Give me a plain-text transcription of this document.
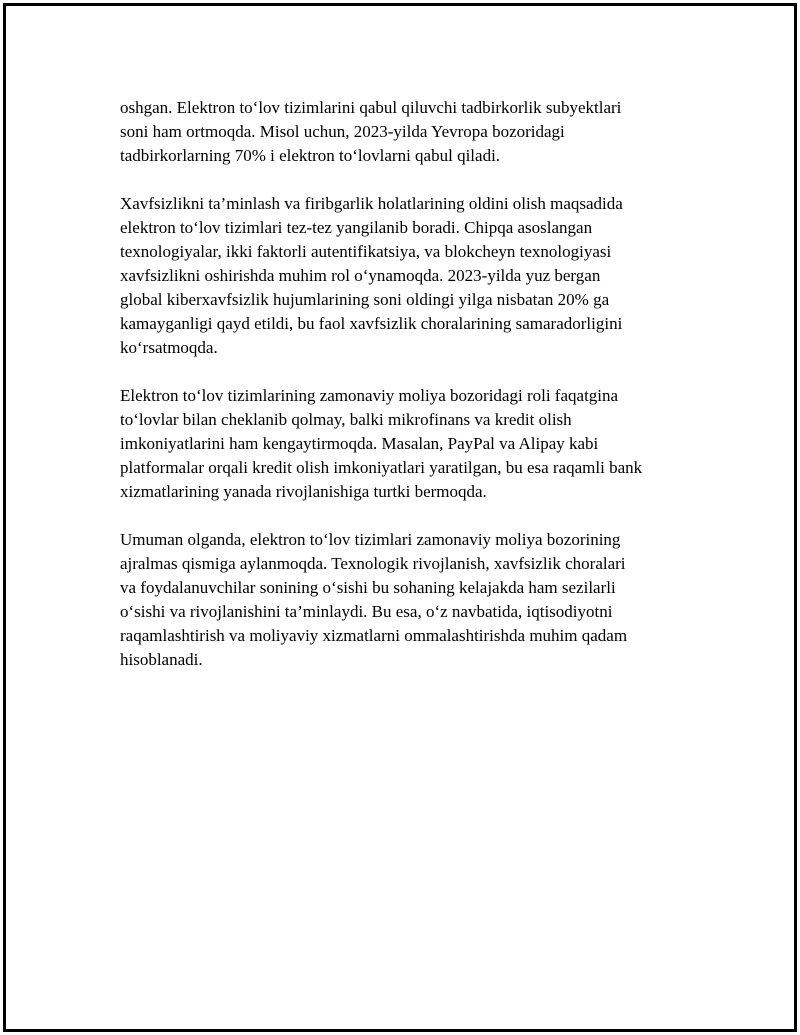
oshgan. Elektron to‘lov tizimlarini qabul qiluvchi tadbirkorlik subyektlari
soni ham ortmoqda. Misol uchun, 2023-yilda Yevropa bozoridagi
tadbirkorlarning 70% i elektron to‘lovlarni qabul qiladi.

Xavfsizlikni ta’minlash va firibgarlik holatlarining oldini olish maqsadida
elektron to‘lov tizimlari tez-tez yangilanib boradi. Chipqa asoslangan
texnologiyalar, ikki faktorli autentifikatsiya, va blokcheyn texnologiyasi
xavfsizlikni oshirishda muhim rol o‘ynamoqda. 2023-yilda yuz bergan
global kiberxavfsizlik hujumlarining soni oldingi yilga nisbatan 20% ga
kamayganligi qayd etildi, bu faol xavfsizlik choralarining samaradorligini
ko‘rsatmoqda.

Elektron to‘lov tizimlarining zamonaviy moliya bozoridagi roli faqatgina
to‘lovlar bilan cheklanib qolmay, balki mikrofinans va kredit olish
imkoniyatlarini ham kengaytirmoqda. Masalan, PayPal va Alipay kabi
platformalar orqali kredit olish imkoniyatlari yaratilgan, bu esa raqamli bank
xizmatlarining yanada rivojlanishiga turtki bermoqda.

Umuman olganda, elektron to‘lov tizimlari zamonaviy moliya bozorining
ajralmas qismiga aylanmoqda. Texnologik rivojlanish, xavfsizlik choralari
va foydalanuvchilar sonining o‘sishi bu sohaning kelajakda ham sezilarli
o‘sishi va rivojlanishini ta’minlaydi. Bu esa, o‘z navbatida, iqtisodiyotni
raqamlashtirish va moliyaviy xizmatlarni ommalashtirishda muhim qadam
hisoblanadi.
